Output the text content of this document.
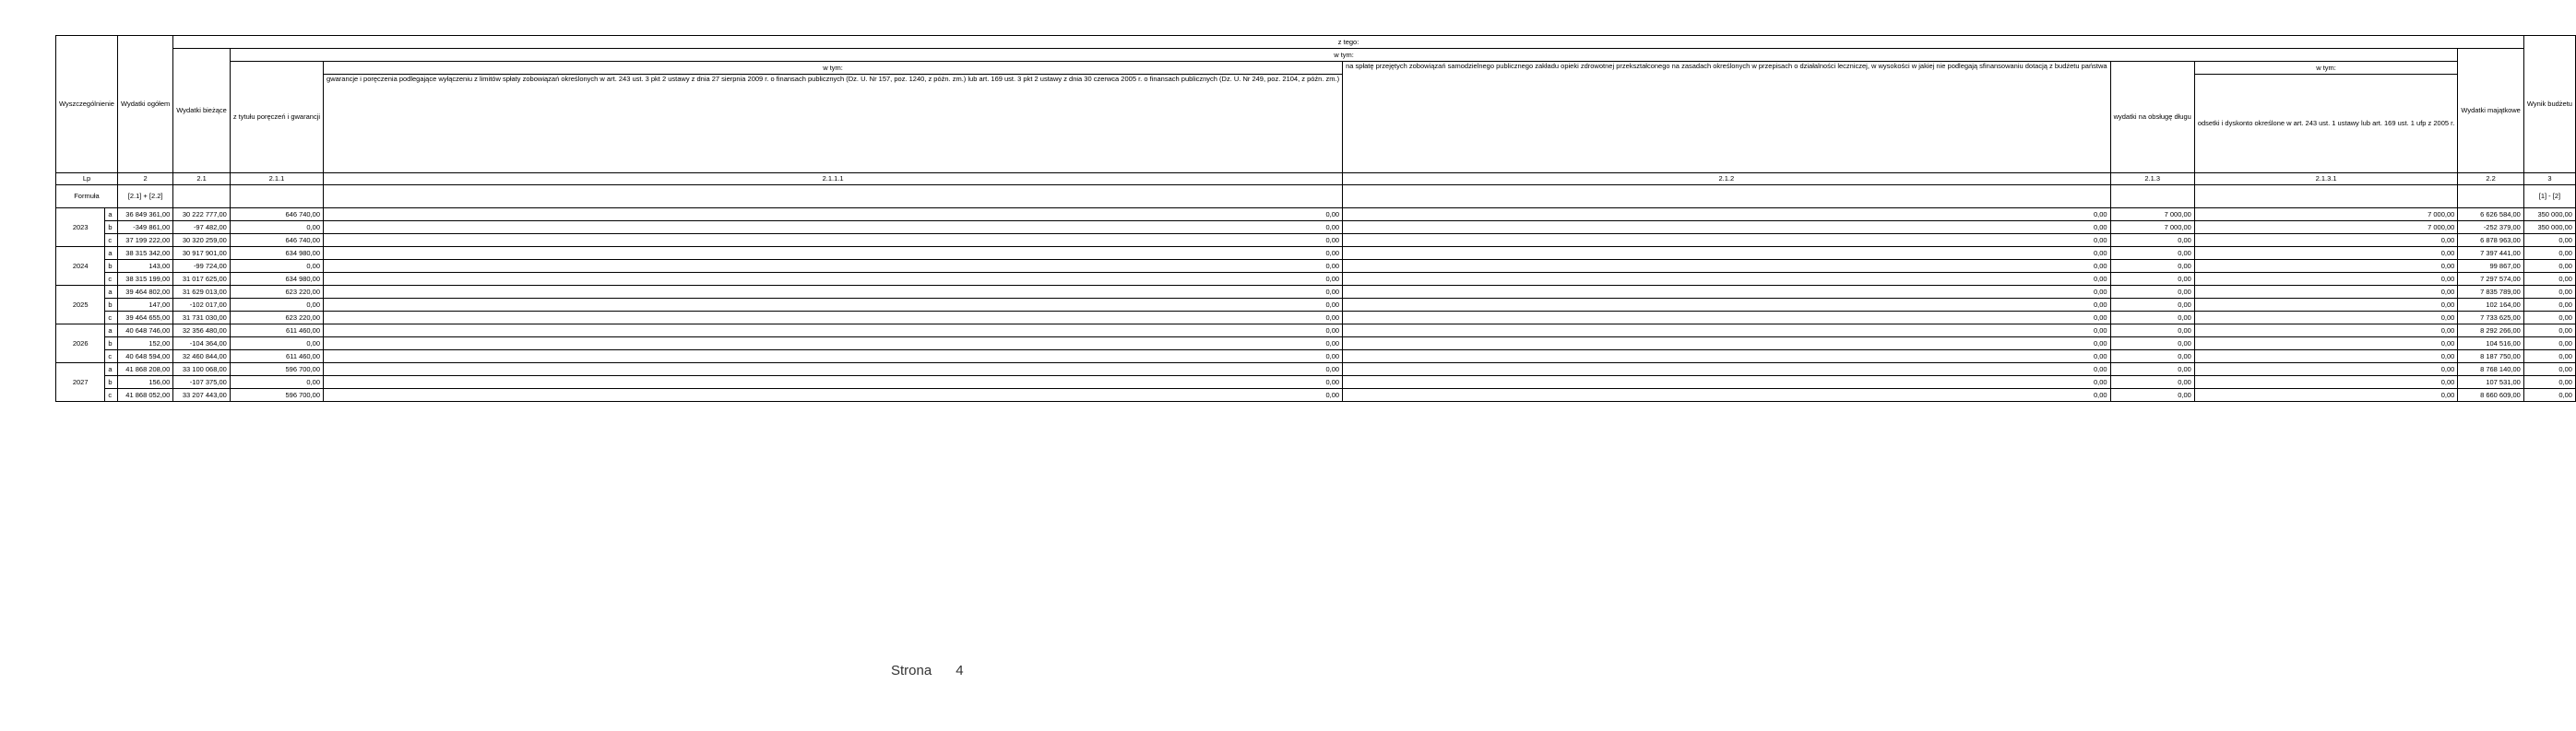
Wyszczególnienie		Wydatki ogółem	z tego:							Wynik budżetu
			Wydatki bieżące	w tym:					Wydatki majątkowe	
				z tytułu poręczeń i gwarancji	w tym:	na spłatę przejętych zobowiązań samodzielnego publicznego zakładu opieki zdrowotnej przekształconego na zasadach określonych w przepisach o działalności leczniczej, w wysokości w jakiej nie podlegają sfinansowaniu dotacją z budżetu państwa	wydatki na obsługę długu	w tym:		
					gwarancje i poręczenia podlegające wyłączeniu z limitów spłaty zobowiązań określonych w art. 243 ust. 3 pkt 2 ustawy z dnia 27 sierpnia 2009 r. o finansach publicznych (Dz. U. Nr 157, poz. 1240, z późn. zm.) lub art. 169 ust. 3 pkt 2 ustawy z dnia 30 czerwca 2005 r. o finansach publicznych (Dz. U. Nr 249, poz. 2104, z późn. zm.)			odsetki i dyskonto określone w art. 243 ust. 1 ustawy lub art. 169 ust. 1 ufp z 2005 r.		
Lp		2	2.1	2.1.1	2.1.1.1	2.1.2	2.1.3	2.1.3.1	2.2	3
Formuła		[2.1] + [2.2]								[1] - [2]
2023	a	36 849 361,00	30 222 777,00	646 740,00	0,00	0,00	7 000,00	7 000,00	6 626 584,00	350 000,00
	b	-349 861,00	-97 482,00	0,00	0,00	0,00	7 000,00	7 000,00	-252 379,00	350 000,00
	c	37 199 222,00	30 320 259,00	646 740,00	0,00	0,00	0,00	0,00	6 878 963,00	0,00
2024	a	38 315 342,00	30 917 901,00	634 980,00	0,00	0,00	0,00	0,00	7 397 441,00	0,00
	b	143,00	-99 724,00	0,00	0,00	0,00	0,00	0,00	99 867,00	0,00
	c	38 315 199,00	31 017 625,00	634 980,00	0,00	0,00	0,00	0,00	7 297 574,00	0,00
2025	a	39 464 802,00	31 629 013,00	623 220,00	0,00	0,00	0,00	0,00	7 835 789,00	0,00
	b	147,00	-102 017,00	0,00	0,00	0,00	0,00	0,00	102 164,00	0,00
	c	39 464 655,00	31 731 030,00	623 220,00	0,00	0,00	0,00	0,00	7 733 625,00	0,00
2026	a	40 648 746,00	32 356 480,00	611 460,00	0,00	0,00	0,00	0,00	8 292 266,00	0,00
	b	152,00	-104 364,00	0,00	0,00	0,00	0,00	0,00	104 516,00	0,00
	c	40 648 594,00	32 460 844,00	611 460,00	0,00	0,00	0,00	0,00	8 187 750,00	0,00
2027	a	41 868 208,00	33 100 068,00	596 700,00	0,00	0,00	0,00	0,00	8 768 140,00	0,00
	b	156,00	-107 375,00	0,00	0,00	0,00	0,00	0,00	107 531,00	0,00
	c	41 868 052,00	33 207 443,00	596 700,00	0,00	0,00	0,00	0,00	8 660 609,00	0,00
Strona 4
